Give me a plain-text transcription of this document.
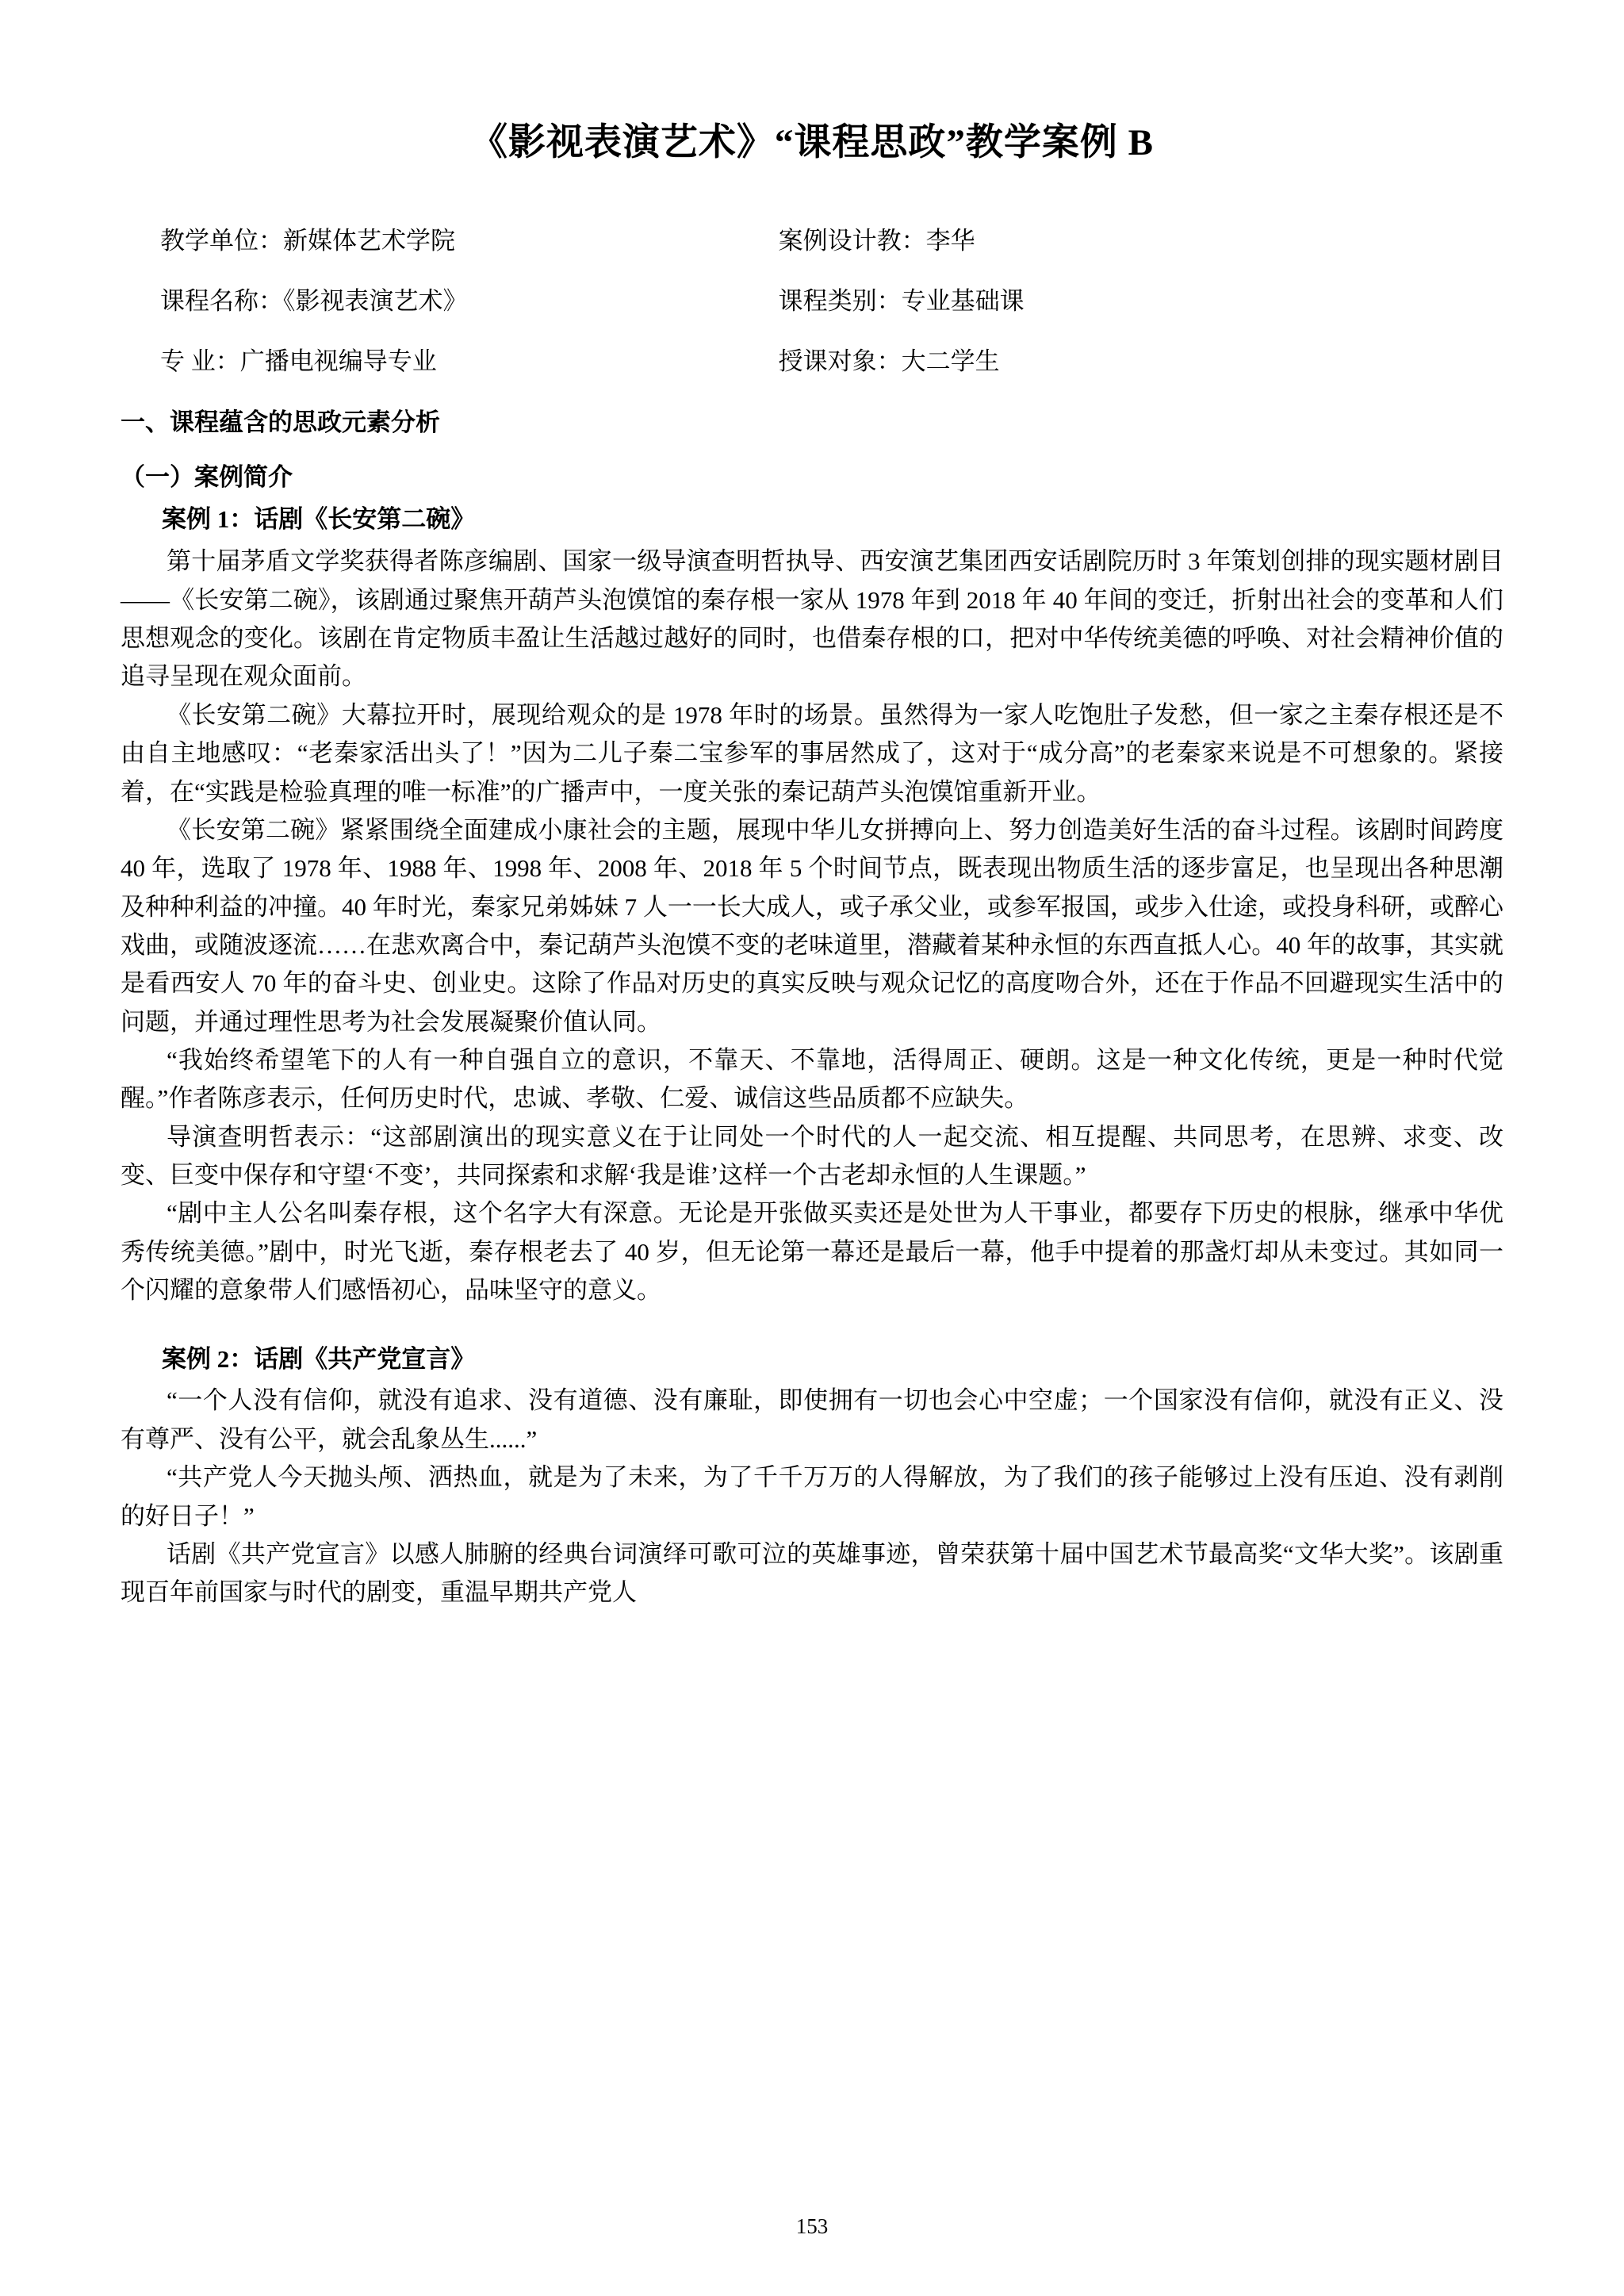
《影视表演艺术》“课程思政”教学案例 B
教学单位：新媒体艺术学院	案例设计教：李华
课程名称：《影视表演艺术》	课程类别：专业基础课
专 业：广播电视编导专业	授课对象：大二学生
一、课程蕴含的思政元素分析
（一）案例简介
案例 1：话剧《长安第二碗》

第十届茅盾文学奖获得者陈彦编剧、国家一级导演查明哲执导、西安演艺集团西安话剧院历时 3 年策划创排的现实题材剧目——《长安第二碗》，该剧通过聚焦开葫芦头泡馍馆的秦存根一家从 1978 年到 2018 年 40 年间的变迁，折射出社会的变革和人们思想观念的变化。该剧在肯定物质丰盈让生活越过越好的同时，也借秦存根的口，把对中华传统美德的呼唤、对社会精神价值的追寻呈现在观众面前。

《长安第二碗》大幕拉开时，展现给观众的是 1978 年时的场景。虽然得为一家人吃饱肚子发愁，但一家之主秦存根还是不由自主地感叹：“老秦家活出头了！”因为二儿子秦二宝参军的事居然成了，这对于“成分高”的老秦家来说是不可想象的。紧接着，在“实践是检验真理的唯一标准”的广播声中，一度关张的秦记葫芦头泡馍馆重新开业。

《长安第二碗》紧紧围绕全面建成小康社会的主题，展现中华儿女拼搏向上、努力创造美好生活的奋斗过程。该剧时间跨度 40 年，选取了 1978 年、1988 年、1998 年、2008 年、2018 年 5 个时间节点，既表现出物质生活的逐步富足，也呈现出各种思潮及种种利益的冲撞。40 年时光，秦家兄弟姊妹 7 人一一长大成人，或子承父业，或参军报国，或步入仕途，或投身科研，或醉心戏曲，或随波逐流……在悲欢离合中，秦记葫芦头泡馍不变的老味道里，潜藏着某种永恒的东西直抵人心。40 年的故事，其实就是看西安人 70 年的奋斗史、创业史。这除了作品对历史的真实反映与观众记忆的高度吻合外，还在于作品不回避现实生活中的问题，并通过理性思考为社会发展凝聚价值认同。

“我始终希望笔下的人有一种自强自立的意识，不靠天、不靠地，活得周正、硬朗。这是一种文化传统，更是一种时代觉醒。”作者陈彦表示，任何历史时代，忠诚、孝敬、仁爱、诚信这些品质都不应缺失。

导演查明哲表示：“这部剧演出的现实意义在于让同处一个时代的人一起交流、相互提醒、共同思考，在思辨、求变、改变、巨变中保存和守望‘不变’，共同探索和求解‘我是谁’这样一个古老却永恒的人生课题。”

“剧中主人公名叫秦存根，这个名字大有深意。无论是开张做买卖还是处世为人干事业，都要存下历史的根脉，继承中华优秀传统美德。”剧中，时光飞逝，秦存根老去了 40 岁，但无论第一幕还是最后一幕，他手中提着的那盏灯却从未变过。其如同一个闪耀的意象带人们感悟初心，品味坚守的意义。

案例 2：话剧《共产党宣言》

“一个人没有信仰，就没有追求、没有道德、没有廉耻，即使拥有一切也会心中空虚；一个国家没有信仰，就没有正义、没有尊严、没有公平，就会乱象丛生......”

“共产党人今天抛头颅、洒热血，就是为了未来，为了千千万万的人得解放，为了我们的孩子能够过上没有压迫、没有剥削的好日子！”

话剧《共产党宣言》以感人肺腑的经典台词演绎可歌可泣的英雄事迹，曾荣获第十届中国艺术节最高奖“文华大奖”。该剧重现百年前国家与时代的剧变，重温早期共产党人

153
